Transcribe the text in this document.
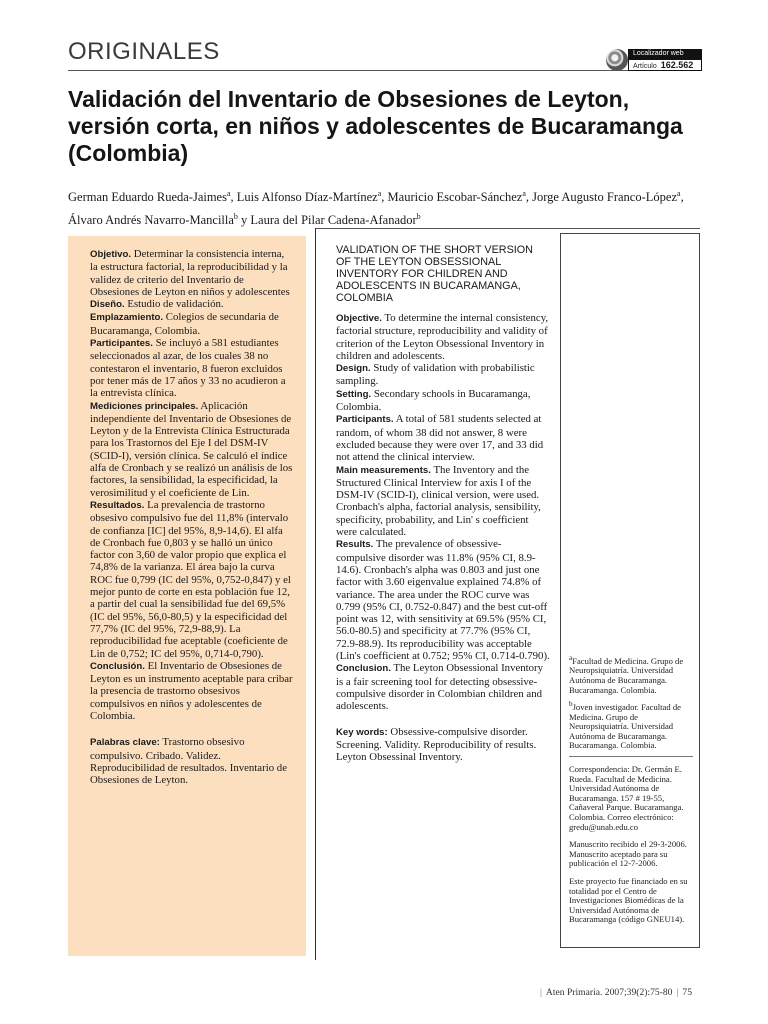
ORIGINALES	Localizador web
Artículo 162.562
Validación del Inventario de Obsesiones de Leyton, versión corta, en niños y adolescentes de Bucaramanga (Colombia)
German Eduardo Rueda-Jaimes$^a$, Luis Alfonso Díaz-Martínez$^a$, Mauricio Escobar-Sánchez$^a$, Jorge Augusto Franco-López$^a$, Álvaro Andrés Navarro-Mancilla$^b$ y Laura del Pilar Cadena-Afanador$^b$

Objetivo. Determinar la consistencia interna, la estructura factorial, la reproducibilidad y la validez de criterio del Inventario de Obsesiones de Leyton en niños y adolescentes

Diseño. Estudio de validación.

Emplazamiento. Colegios de secundaria de Bucaramanga, Colombia.

Participantes. Se incluyó a 581 estudiantes seleccionados al azar, de los cuales 38 no contestaron el inventario, 8 fueron excluidos por tener más de 17 años y 33 no acudieron a la entrevista clínica.

Mediciones principales. Aplicación independiente del Inventario de Obsesiones de Leyton y de la Entrevista Clínica Estructurada para los Trastornos del Eje I del DSM-IV (SCID-I), versión clínica. Se calculó el índice alfa de Cronbach y se realizó un análisis de los factores, la sensibilidad, la especificidad, la verosimilitud y el coeficiente de Lin.

Resultados. La prevalencia de trastorno obsesivo compulsivo fue del 11,8% (intervalo de confianza [IC] del 95%, 8,9-14,6). El alfa de Cronbach fue 0,803 y se halló un único factor con 3,60 de valor propio que explica el 74,8% de la varianza. El área bajo la curva ROC fue 0,799 (IC del 95%, 0,752-0,847) y el mejor punto de corte en esta población fue 12, a partir del cual la sensibilidad fue del 69,5% (IC del 95%, 56,0-80,5) y la especificidad del 77,7% (IC del 95%, 72,9-88,9). La reproducibilidad fue aceptable (coeficiente de Lin de 0,752; IC del 95%, 0,714-0,790).

Conclusión. El Inventario de Obsesiones de Leyton es un instrumento aceptable para cribar la presencia de trastorno obsesivos compulsivos en niños y adolescentes de Colombia.

Palabras clave: Trastorno obsesivo compulsivo. Cribado. Validez. Reproducibilidad de resultados. Inventario de Obsesiones de Leyton.

VALIDATION OF THE SHORT VERSION OF THE LEYTON OBSESSIONAL INVENTORY FOR CHILDREN AND ADOLESCENTS IN BUCARAMANGA, COLOMBIA

Objective. To determine the internal consistency, factorial structure, reproducibility and validity of criterion of the Leyton Obsessional Inventory in children and adolescents.

Design. Study of validation with probabilistic sampling.

Setting. Secondary schools in Bucaramanga, Colombia.

Participants. A total of 581 students selected at random, of whom 38 did not answer, 8 were excluded because they were over 17, and 33 did not attend the clinical interview.

Main measurements. The Inventory and the Structured Clinical Interview for axis I of the DSM-IV (SCID-I), clinical version, were used. Cronbach's alpha, factorial analysis, sensibility, specificity, probability, and Lin' s coefficient were calculated.

Results. The prevalence of obsessive-compulsive disorder was 11.8% (95% CI, 8.9-14.6). Cronbach's alpha was 0.803 and just one factor with 3.60 eigenvalue explained 74.8% of variance. The area under the ROC curve was 0.799 (95% CI, 0.752-0.847) and the best cut-off point was 12, with sensitivity at 69.5% (95% CI, 56.0-80.5) and specificity at 77.7% (95% CI, 72.9-88.9). Its reproducibility was acceptable (Lin's coefficient at 0.752; 95% CI, 0.714-0.790).

Conclusion. The Leyton Obsessional Inventory is a fair screening tool for detecting obsessive-compulsive disorder in Colombian children and adolescents.

Key words: Obsessive-compulsive disorder. Screening. Validity. Reproducibility of results. Leyton Obsessinal Inventory.

$^a$Facultad de Medicina. Grupo de Neuropsiquiatría. Universidad Autónoma de Bucaramanga. Bucaramanga. Colombia.

$^b$Joven investigador. Facultad de Medicina. Grupo de Neuropsiquiatría. Universidad Autónoma de Bucaramanga. Bucaramanga. Colombia.

Correspondencia: Dr. Germán E. Rueda. Facultad de Medicina. Universidad Autónoma de Bucaramanga. 157 # 19-55, Cañaveral Parque. Bucaramanga. Colombia. Correo electrónico: gredu@unab.edu.co

Manuscrito recibido el 29-3-2006. Manuscrito aceptado para su publicación el 12-7-2006.

Este proyecto fue financiado en su totalidad por el Centro de Investigaciones Biomédicas de la Universidad Autónoma de Bucaramanga (código GNEU14).

| Aten Primaria. 2007;39(2):75-80 | 75
